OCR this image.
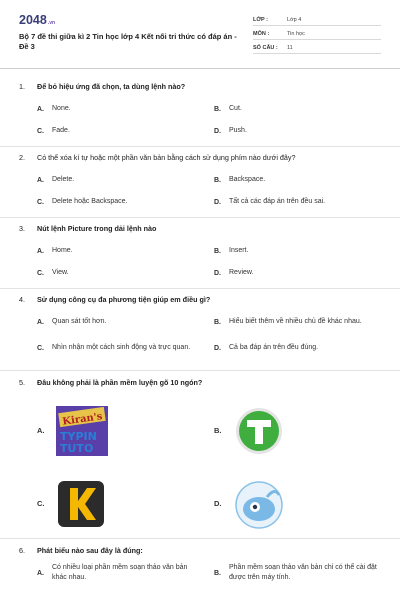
2048.vn
Bộ 7 đề thi giữa kì 2 Tin học lớp 4 Kết nối tri thức có đáp án - Đề 3
LỚP :	Lớp 4
MÔN :	Tin học
SỐ CÂU :	11
1.	Để bỏ hiệu ứng đã chọn, ta dùng lệnh nào?
A.	None.	B.	Cut.
C.	Fade.	D.	Push.
2.	Có thể xóa kí tự hoặc một phần văn bản bằng cách sử dụng phím nào dưới đây?
A.	Delete.	B.	Backspace.
C.	Delete hoặc Backspace.	D.	Tất cả các đáp án trên đều sai.
3.	Nút lệnh Picture trong dải lệnh nào
A.	Home.	B.	Insert.
C.	View.	D.	Review.
4.	Sử dụng công cụ đa phương tiện giúp em điều gì?
A.	Quan sát tốt hơn.	B.	Hiểu biết thêm về nhiều chủ đề khác nhau.
C.	Nhìn nhận một cách sinh động và trực quan.	D.	Cả ba đáp án trên đều đúng.
5.	Đâu không phải là phần mềm luyện gõ 10 ngón?
A.
Kiran's
TYPIN
TUTO
B.
C.	D.
6.	Phát biểu nào sau đây là đúng:
A.
Có nhiều loại phần mềm soạn thảo văn bản khác nhau.
B.
Phần mềm soạn thảo văn bản chỉ có thể cài đặt được trên máy tính.
